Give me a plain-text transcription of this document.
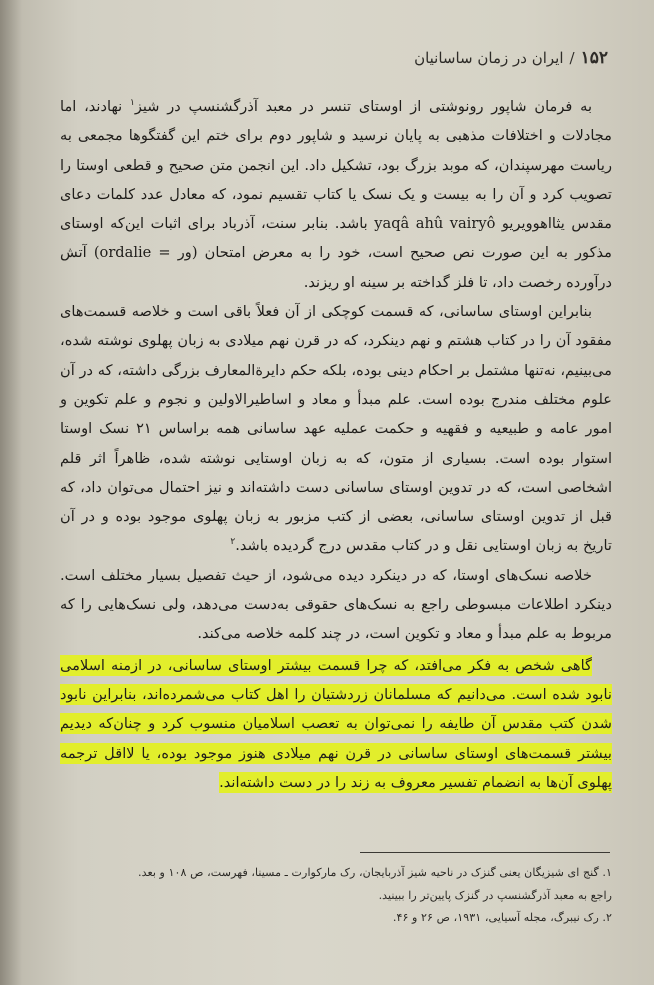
۱۵۲
/
ایران در زمان ساسانیان

به فرمان شاپور رونوشتی از اوستای تنسر در معبد آذرگشنسپ در شیز$^۱$ نهادند، اما مجادلات و اختلافات مذهبی به پایان نرسید و شاپور دوم برای ختم این گفتگوها مجمعی به ریاست مهرسپندان، که موبد بزرگ بود، تشکیل داد. این انجمن متن صحیح و قطعی اوستا را تصویب کرد و آن را به بیست و یک نسک یا کتاب تقسیم نمود، که معادل عدد کلمات دعای مقدس یثااهوویریو yaqâ ahû vairyô باشد. بنابر سنت، آذرباد برای اثبات این‌که اوستای مذکور به این صورت نص صحیح است، خود را به معرض امتحان (ور = ordalie) آتش درآورده رخصت داد، تا فلز گداخته بر سینه او ریزند.

بنابراین اوستای ساسانی، که قسمت کوچکی از آن فعلاً باقی است و خلاصه قسمت‌های مفقود آن را در کتاب هشتم و نهم دینکرد، که در قرن نهم میلادی به زبان پهلوی نوشته شده، می‌بینیم، نه‌تنها مشتمل بر احکام دینی بوده، بلکه حکم دایرة‌المعارف بزرگی داشته، که در آن علوم مختلف مندرج بوده است. علم مبدأ و معاد و اساطیرالاولین و نجوم و علم تکوین و امور عامه و طبیعیه و فقهیه و حکمت عملیه عهد ساسانی همه براساس ۲۱ نسک اوستا استوار بوده است. بسیاری از متون، که به زبان اوستایی نوشته شده، ظاهراً اثر قلم اشخاصی است، که در تدوین اوستای ساسانی دست داشته‌اند و نیز احتمال می‌توان داد، که قبل از تدوین اوستای ساسانی، بعضی از کتب مزبور به زبان پهلوی موجود بوده و در آن تاریخ به زبان اوستایی نقل و در کتاب مقدس درج گردیده باشد.$^۲$

خلاصه نسک‌های اوستا، که در دینکرد دیده می‌شود، از حیث تفصیل بسیار مختلف است. دینکرد اطلاعات مبسوطی راجع به نسک‌های حقوقی به‌دست می‌دهد، ولی نسک‌هایی را که مربوط به علم مبدأ و معاد و تکوین است، در چند کلمه خلاصه می‌کند.

گاهی شخص به فکر می‌افتد، که چرا قسمت بیشتر اوستای ساسانی، در ازمنه اسلامی نابود شده است. می‌دانیم که مسلمانان زردشتیان را اهل کتاب می‌شمرده‌اند، بنابراین نابود شدن کتب مقدس آن طایفه را نمی‌توان به تعصب اسلامیان منسوب کرد و چنان‌که دیدیم بیشتر قسمت‌های اوستای ساسانی در قرن نهم میلادی هنوز موجود بوده، یا لااقل ترجمه پهلوی آن‌ها به انضمام تفسیر معروف به زند را در دست داشته‌اند.

۱. گنج ای شیزیگان یعنی گنزک در ناحیه شیز آذربایجان، رک مارکوارت ـ مسینا، فهرست، ص ۱۰۸ و بعد.
راجع به معبد آذرگشنسپ در گنزک پایین‌تر را ببینید.
۲. رک نیبرگ، مجله آسیایی، ۱۹۳۱، ص ۲۶ و ۴۶.
